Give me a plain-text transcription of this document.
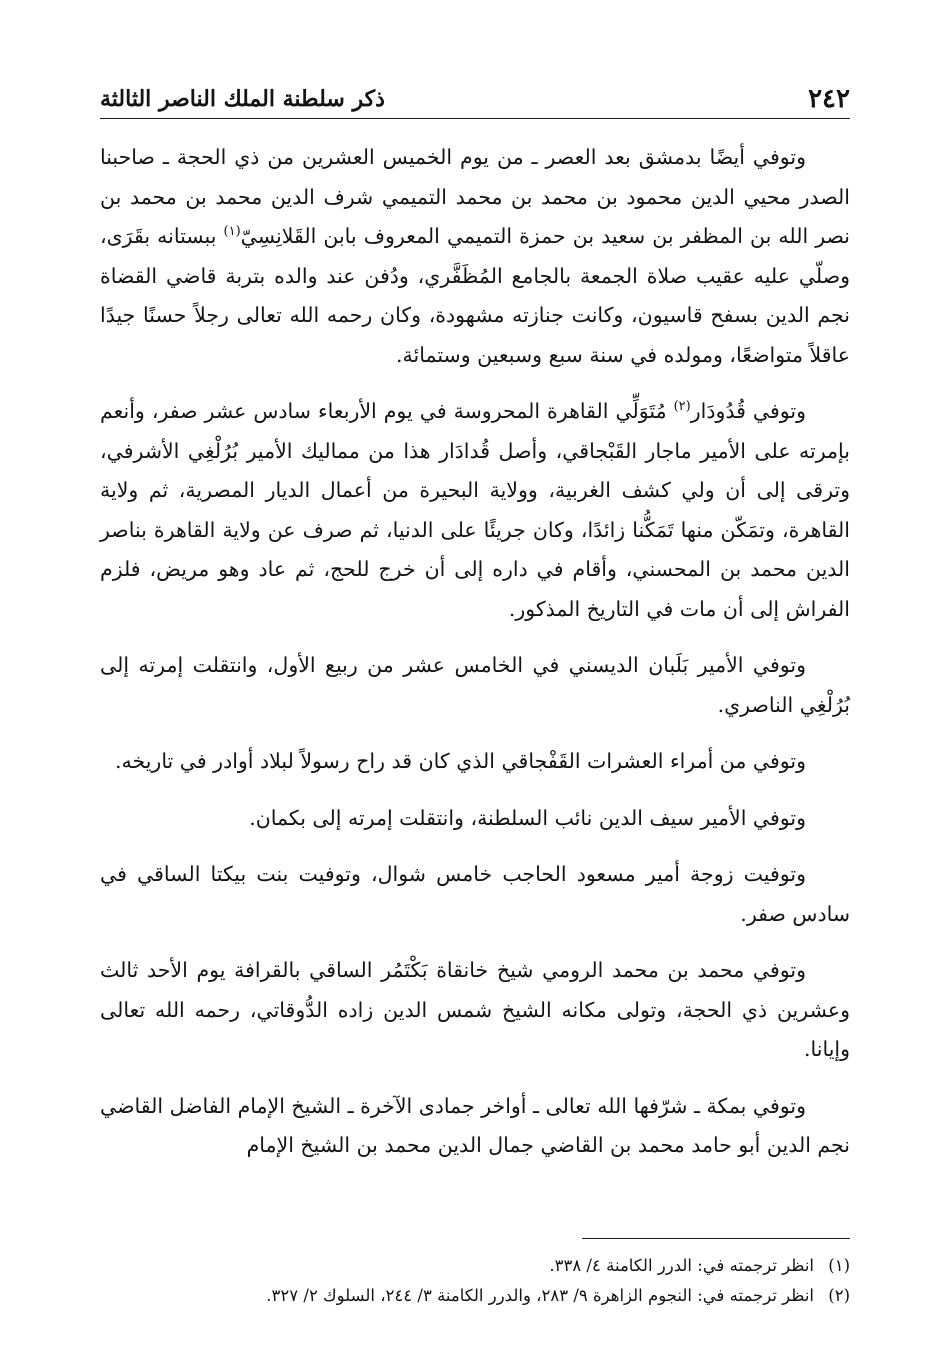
٢٤٢
ذكر سلطنة الملك الناصر الثالثة

وتوفي أيضًا بدمشق بعد العصر ـ من يوم الخميس العشرين من ذي الحجة ـ صاحبنا الصدر محيي الدين محمود بن محمد بن محمد التميمي شرف الدين محمد بن محمد بن نصر الله بن المظفر بن سعيد بن حمزة التميمي المعروف بابن القَلانِسِيّ$^{(١)}$ ببستانه بقَرَى، وصلّي عليه عقيب صلاة الجمعة بالجامع المُظَفَّري، ودُفن عند والده بتربة قاضي القضاة نجم الدين بسفح قاسيون، وكانت جنازته مشهودة، وكان رحمه الله تعالى رجلاً حسنًا جيدًا عاقلاً متواضعًا، ومولده في سنة سبع وسبعين وستمائة.

وتوفي قُدُودَار$^{(٢)}$ مُتَوَلِّي القاهرة المحروسة في يوم الأربعاء سادس عشر صفر، وأنعم بإمرته على الأمير ماجار القَبْجاقي، وأصل قُدادَار هذا من مماليك الأمير بُرُلْغِي الأشرفي، وترقى إلى أن ولي كشف الغربية، وولاية البحيرة من أعمال الديار المصرية، ثم ولاية القاهرة، وتمَكّن منها تَمَكُّنا زائدًا، وكان جريئًا على الدنيا، ثم صرف عن ولاية القاهرة بناصر الدين محمد بن المحسني، وأقام في داره إلى أن خرج للحج، ثم عاد وهو مريض، فلزم الفراش إلى أن مات في التاريخ المذكور.

وتوفي الأمير بَلَبان الديسني في الخامس عشر من ربيع الأول، وانتقلت إمرته إلى بُرُلْغِي الناصري.

وتوفي من أمراء العشرات القَفْجاقي الذي كان قد راح رسولاً لبلاد أوادر في تاريخه.

وتوفي الأمير سيف الدين نائب السلطنة، وانتقلت إمرته إلى بكمان.

وتوفيت زوجة أمير مسعود الحاجب خامس شوال، وتوفيت بنت بيكتا الساقي في سادس صفر.

وتوفي محمد بن محمد الرومي شيخ خانقاة بَكْتَمُر الساقي بالقرافة يوم الأحد ثالث وعشرين ذي الحجة، وتولى مكانه الشيخ شمس الدين زاده الدُّوقاتي، رحمه الله تعالى وإيانا.

وتوفي بمكة ـ شرّفها الله تعالى ـ أواخر جمادى الآخرة ـ الشيخ الإمام الفاضل القاضي نجم الدين أبو حامد محمد بن القاضي جمال الدين محمد بن الشيخ الإمام

(١)انظر ترجمته في: الدرر الكامنة ٤/ ٣٣٨.

(٢)انظر ترجمته في: النجوم الزاهرة ٩/ ٢٨٣، والدرر الكامنة ٣/ ٢٤٤، السلوك ٢/ ٣٢٧.
